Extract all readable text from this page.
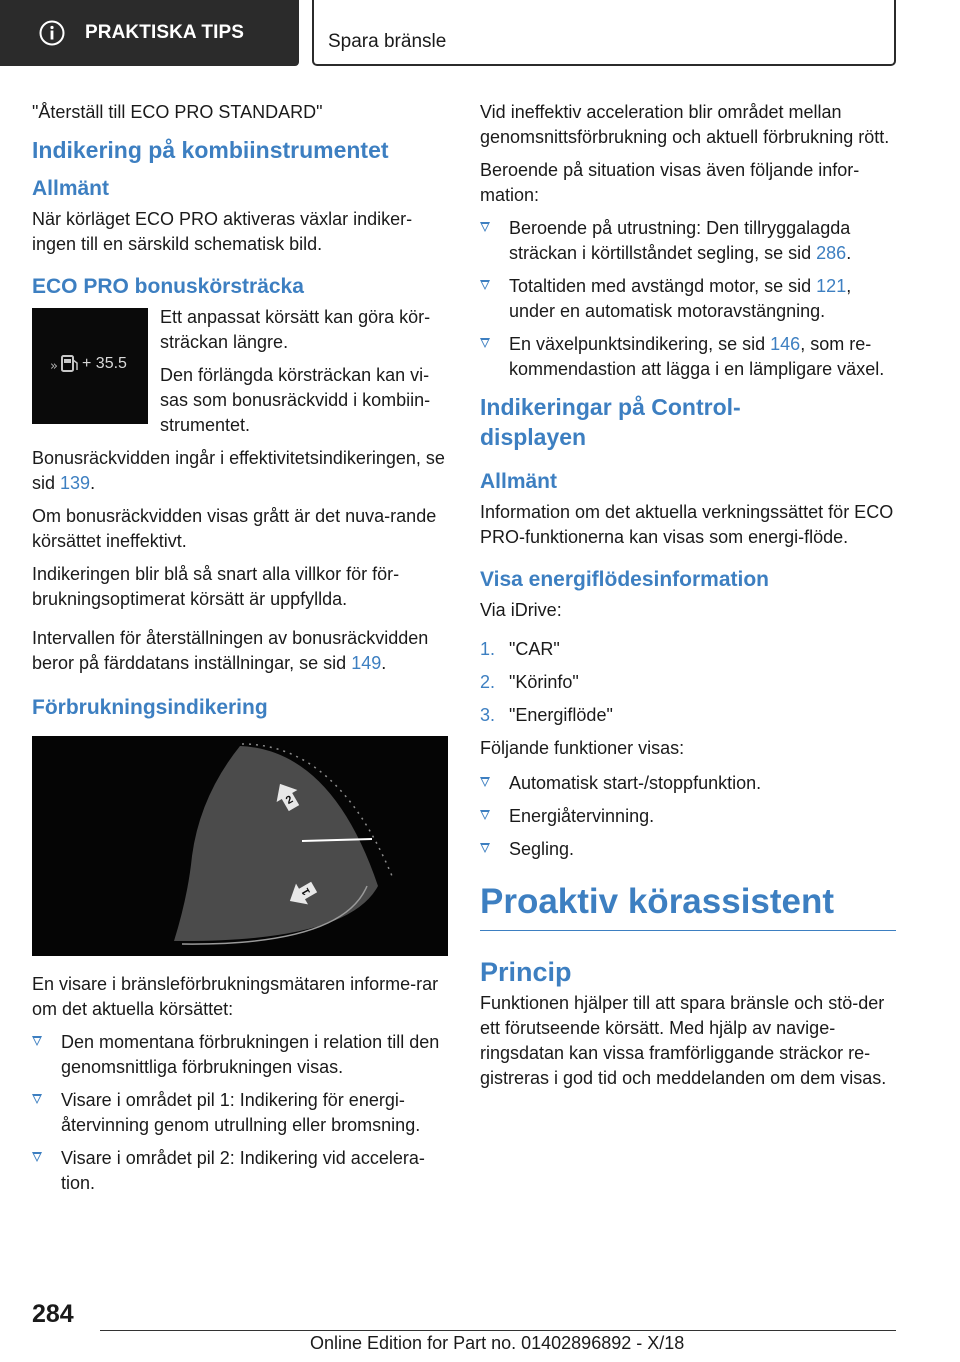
PRAKTISKA TIPS	Spara bränsle

"Återställ till ECO PRO STANDARD"

Indikering på kombiinstrumentet
Allmänt

När körläget ECO PRO aktiveras växlar indiker-ingen till en särskild schematisk bild.

ECO PRO bonuskörsträcka
» + 35.5

Ett anpassat körsätt kan göra kör-sträckan längre.

Den förlängda körsträckan kan vi-sas som bonusräckvidd i kombiin-strumentet.

Bonusräckvidden ingår i effektivitetsindikeringen, se sid 139.

Om bonusräckvidden visas grått är det nuva-rande körsättet ineffektivt.

Indikeringen blir blå så snart alla villkor för för-brukningsoptimerat körsätt är uppfyllda.

Intervallen för återställningen av bonusräckvidden beror på färddatans inställningar, se sid 149.

Förbrukningsindikering
2
1

En visare i bränsleförbrukningsmätaren informe-rar om det aktuella körsättet:

Den momentana förbrukningen i relation till den genomsnittliga förbrukningen visas.
Visare i området pil 1: Indikering för energi-återvinning genom utrullning eller bromsning.
Visare i området pil 2: Indikering vid accelera-tion.

Vid ineffektiv acceleration blir området mellan genomsnittsförbrukning och aktuell förbrukning rött.

Beroende på situation visas även följande infor-mation:

Beroende på utrustning: Den tillryggalagda sträckan i körtillståndet segling, se sid 286.
Totaltiden med avstängd motor, se sid 121, under en automatisk motoravstängning.
En växelpunktsindikering, se sid 146, som re-kommendastion att lägga i en lämpligare växel.
Indikeringar på Control-displayen
Allmänt

Information om det aktuella verkningssättet för ECO PRO-funktionerna kan visas som energi-flöde.

Visa energiflödesinformation

Via iDrive:

1. "CAR"
2. "Körinfo"
3. "Energiflöde"

Följande funktioner visas:

Automatisk start-/stoppfunktion.
Energiåtervinning.
Segling.
Proaktiv körassistent
Princip

Funktionen hjälper till att spara bränsle och stö-der ett förutseende körsätt. Med hjälp av navige-ringsdatan kan vissa framförliggande sträckor re-gistreras i god tid och meddelanden om dem visas.

284
Online Edition for Part no. 01402896892 - X/18
